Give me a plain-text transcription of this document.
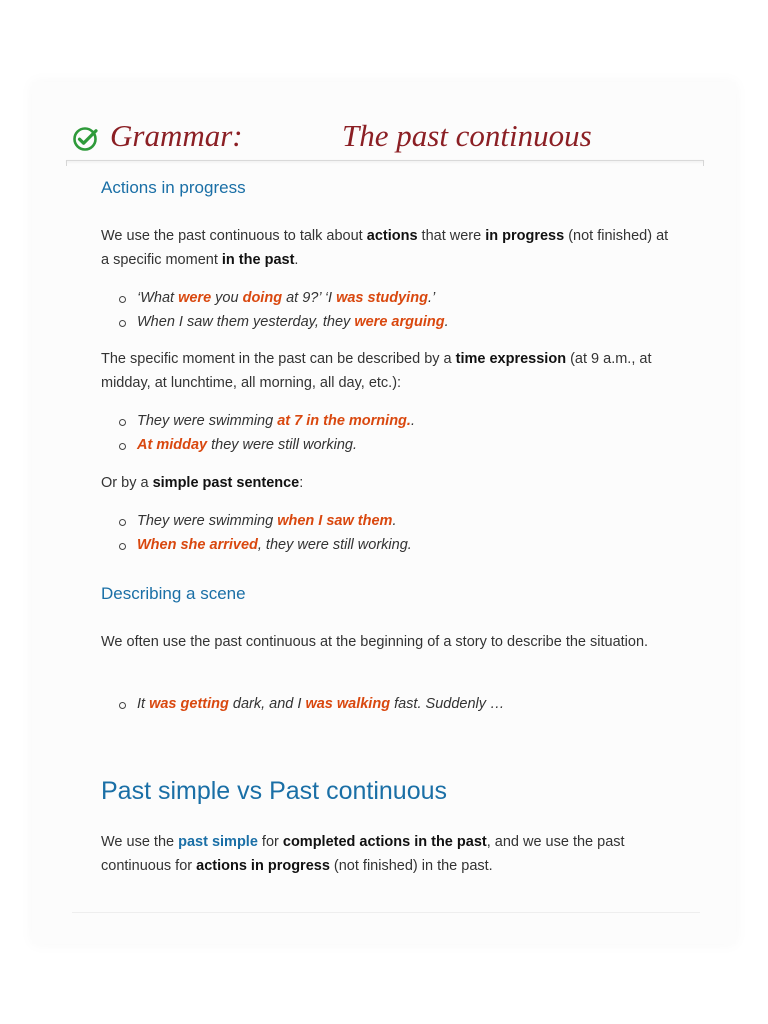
Grammar:	The past continuous
Actions in progress

We use the past continuous to talk about actions that were in progress (not finished) at a specific moment in the past.

‘What were you doing at 9?’ ‘I was studying.’
When I saw them yesterday, they were arguing.

The specific moment in the past can be described by a time expression (at 9 a.m., at midday, at lunchtime, all morning, all day, etc.):

They were swimming at 7 in the morning..
At midday they were still working.

Or by a simple past sentence:

They were swimming when I saw them.
When she arrived, they were still working.
Describing a scene

We often use the past continuous at the beginning of a story to describe the situation.

It was getting dark, and I was walking fast. Suddenly …
Past simple vs Past continuous

We use the past simple for completed actions in the past, and we use the past continuous for actions in progress (not finished) in the past.
